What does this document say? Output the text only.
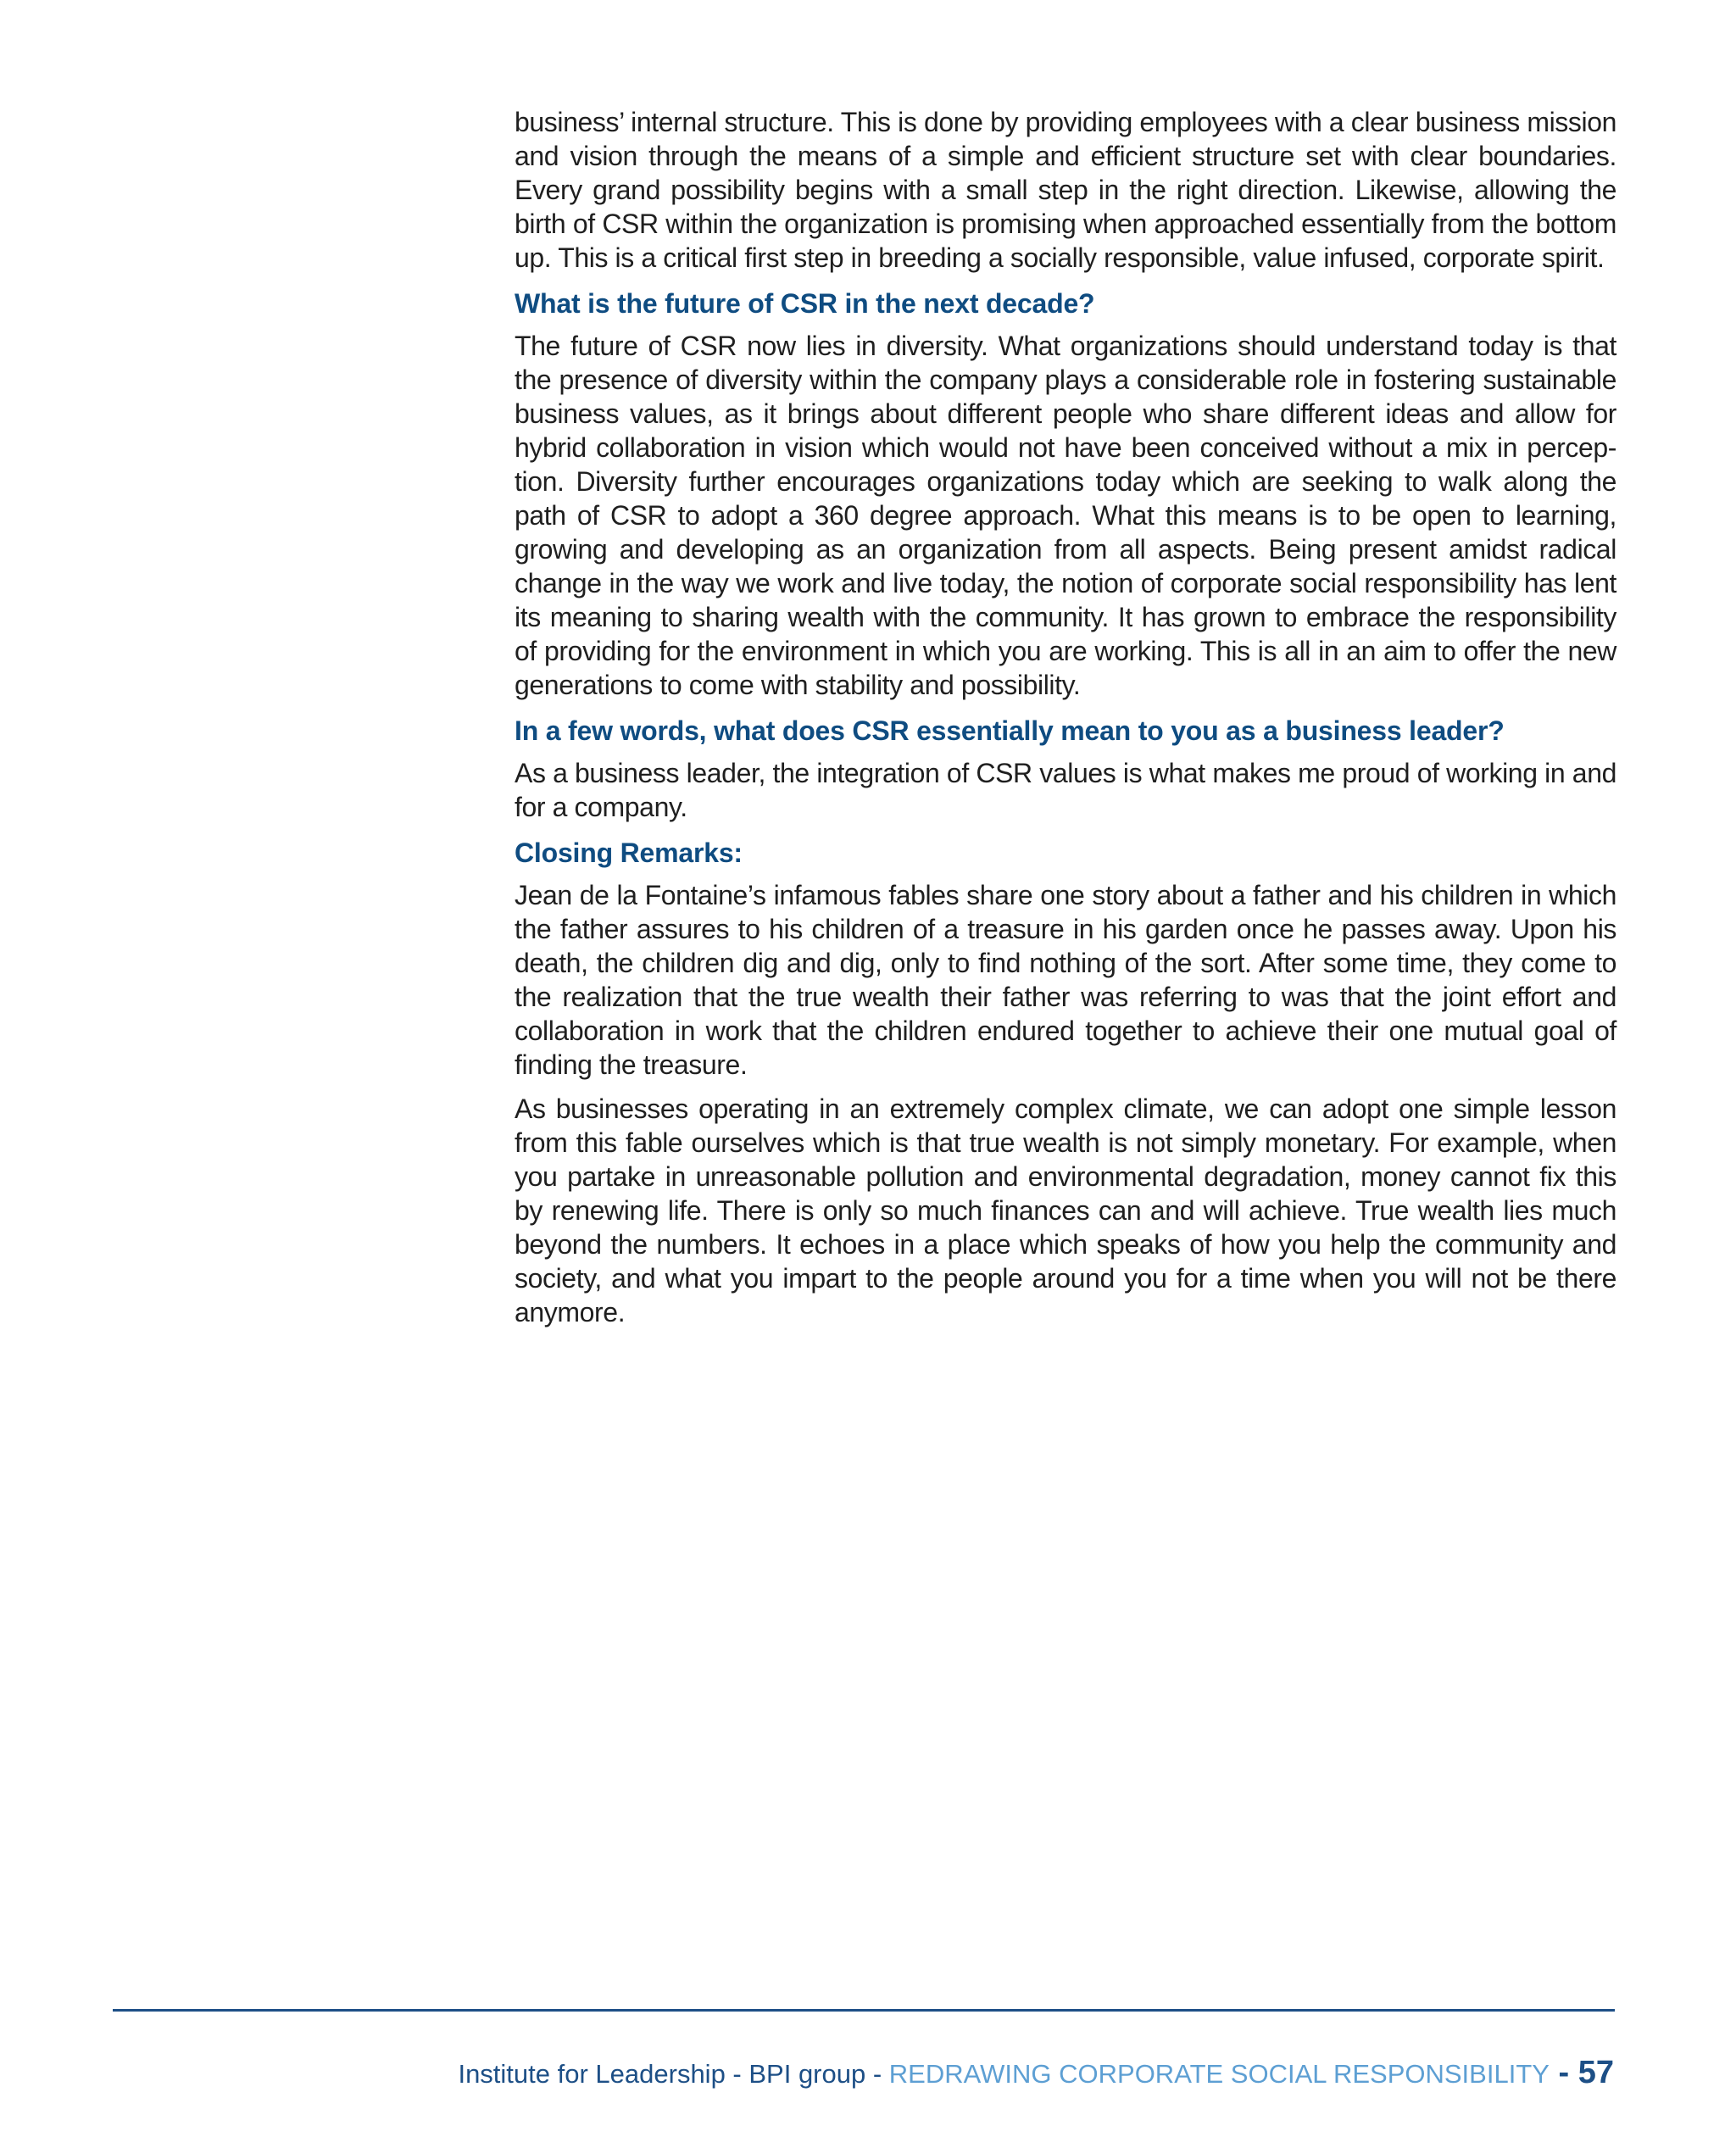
business’ internal structure. This is done by providing employees with a clear business mission and vision through the means of a simple and efficient structure set with clear boundaries. Every grand possibility begins with a small step in the right direction. Likewise, allowing the birth of CSR within the organization is promising when approached essentially from the bottom up. This is a critical first step in breeding a socially responsible, value infused, corporate spirit.

What is the future of CSR in the next decade?

The future of CSR now lies in diversity. What organizations should understand today is that the presence of diversity within the company plays a considerable role in fostering sustainable business values, as it brings about different people who share different ideas and allow for hybrid collaboration in vision which would not have been conceived without a mix in percep-tion. Diversity further encourages organizations today which are seeking to walk along the path of CSR to adopt a 360 degree approach. What this means is to be open to learning, growing and developing as an organization from all aspects. Being present amidst radical change in the way we work and live today, the notion of corporate social responsibility has lent its meaning to sharing wealth with the community. It has grown to embrace the responsibility of providing for the environment in which you are working. This is all in an aim to offer the new generations to come with stability and possibility.

In a few words, what does CSR essentially mean to you as a business leader?

As a business leader, the integration of CSR values is what makes me proud of working in and for a company.

Closing Remarks:

Jean de la Fontaine’s infamous fables share one story about a father and his children in which the father assures to his children of a treasure in his garden once he passes away. Upon his death, the children dig and dig, only to find nothing of the sort. After some time, they come to the realization that the true wealth their father was referring to was that the joint effort and collaboration in work that the children endured together to achieve their one mutual goal of finding the treasure.

As businesses operating in an extremely complex climate, we can adopt one simple lesson from this fable ourselves which is that true wealth is not simply monetary. For example, when you partake in unreasonable pollution and environmental degradation, money cannot fix this by renewing life. There is only so much finances can and will achieve. True wealth lies much beyond the numbers. It echoes in a place which speaks of how you help the community and society, and what you impart to the people around you for a time when you will not be there anymore.

Institute for Leadership - BPI group - REDRAWING CORPORATE SOCIAL RESPONSIBILITY - 57
